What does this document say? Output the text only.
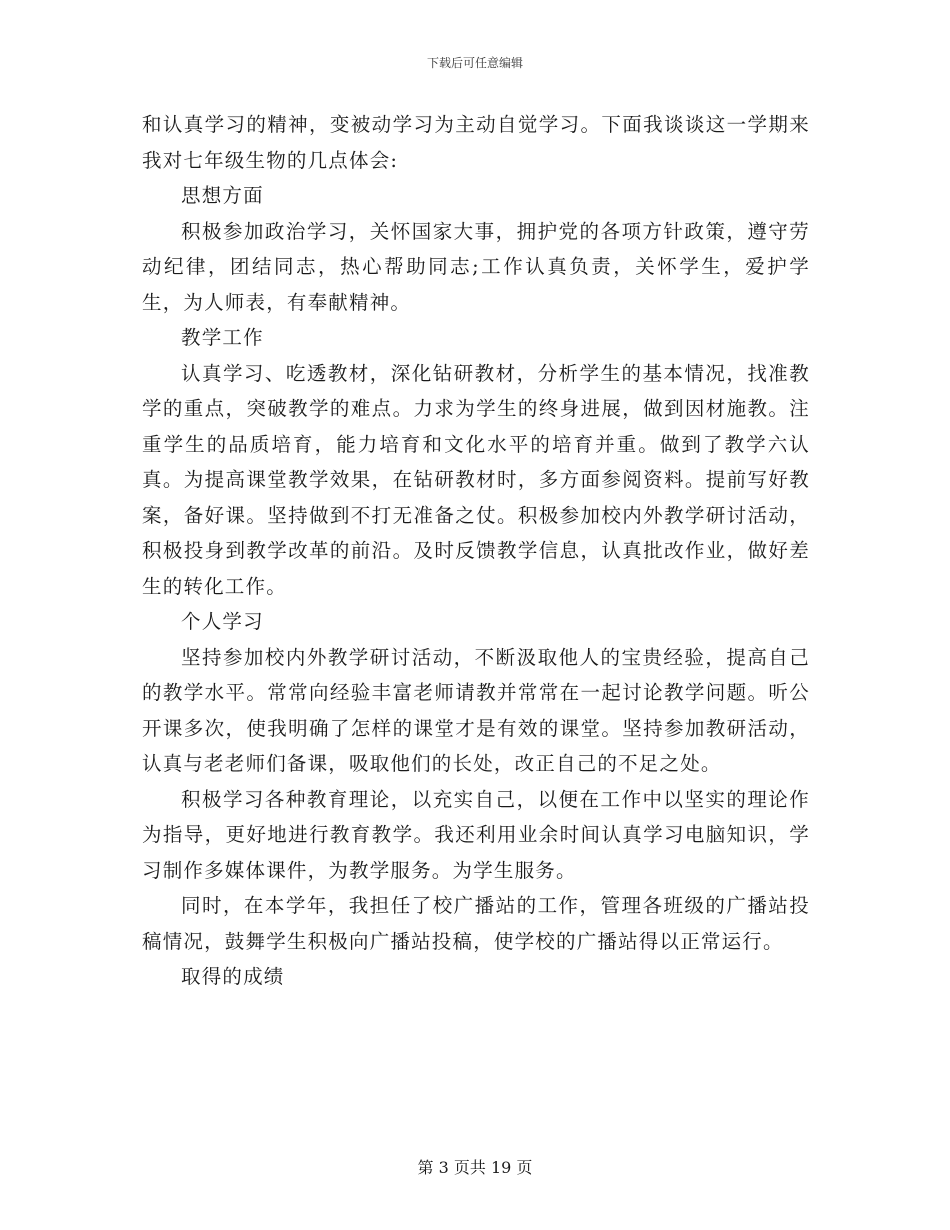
下载后可任意编辑

和认真学习的精神，变被动学习为主动自觉学习。下面我谈谈这一学期来我对七年级生物的几点体会:

思想方面

积极参加政治学习，关怀国家大事，拥护党的各项方针政策，遵守劳动纪律，团结同志，热心帮助同志;工作认真负责，关怀学生，爱护学生，为人师表，有奉献精神。

教学工作

认真学习、吃透教材，深化钻研教材，分析学生的基本情况，找准教学的重点，突破教学的难点。力求为学生的终身进展，做到因材施教。注重学生的品质培育，能力培育和文化水平的培育并重。做到了教学六认真。为提高课堂教学效果，在钻研教材时，多方面参阅资料。提前写好教案，备好课。坚持做到不打无准备之仗。积极参加校内外教学研讨活动，积极投身到教学改革的前沿。及时反馈教学信息，认真批改作业，做好差生的转化工作。

个人学习

坚持参加校内外教学研讨活动，不断汲取他人的宝贵经验，提高自己的教学水平。常常向经验丰富老师请教并常常在一起讨论教学问题。听公开课多次，使我明确了怎样的课堂才是有效的课堂。坚持参加教研活动，认真与老老师们备课，吸取他们的长处，改正自己的不足之处。

积极学习各种教育理论，以充实自己，以便在工作中以坚实的理论作为指导，更好地进行教育教学。我还利用业余时间认真学习电脑知识，学习制作多媒体课件，为教学服务。为学生服务。

同时，在本学年，我担任了校广播站的工作，管理各班级的广播站投稿情况，鼓舞学生积极向广播站投稿，使学校的广播站得以正常运行。

取得的成绩

第 3 页共 19 页
